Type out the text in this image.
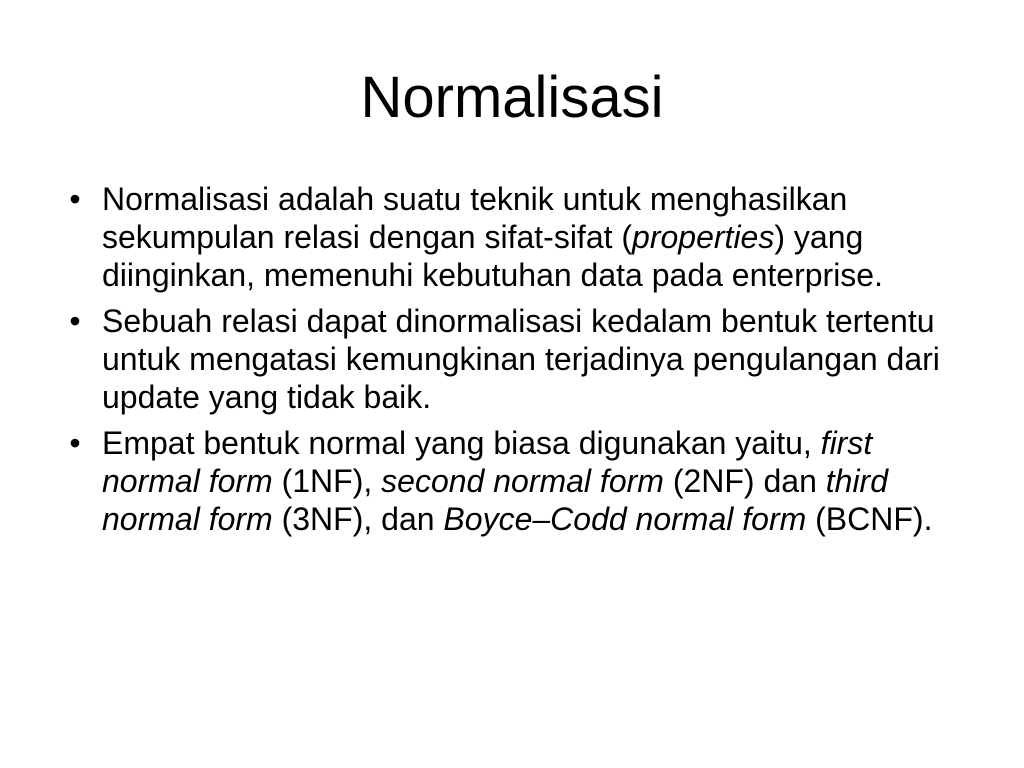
Normalisasi
• Normalisasi adalah suatu teknik untuk menghasilkan sekumpulan relasi dengan sifat-sifat (properties) yang diinginkan, memenuhi kebutuhan data pada enterprise.
• Sebuah relasi dapat dinormalisasi kedalam bentuk tertentu untuk mengatasi kemungkinan terjadinya pengulangan dari update yang tidak baik.
• Empat bentuk normal yang biasa digunakan yaitu, first normal form (1NF), second normal form (2NF) dan third normal form (3NF), dan Boyce–Codd normal form (BCNF).
